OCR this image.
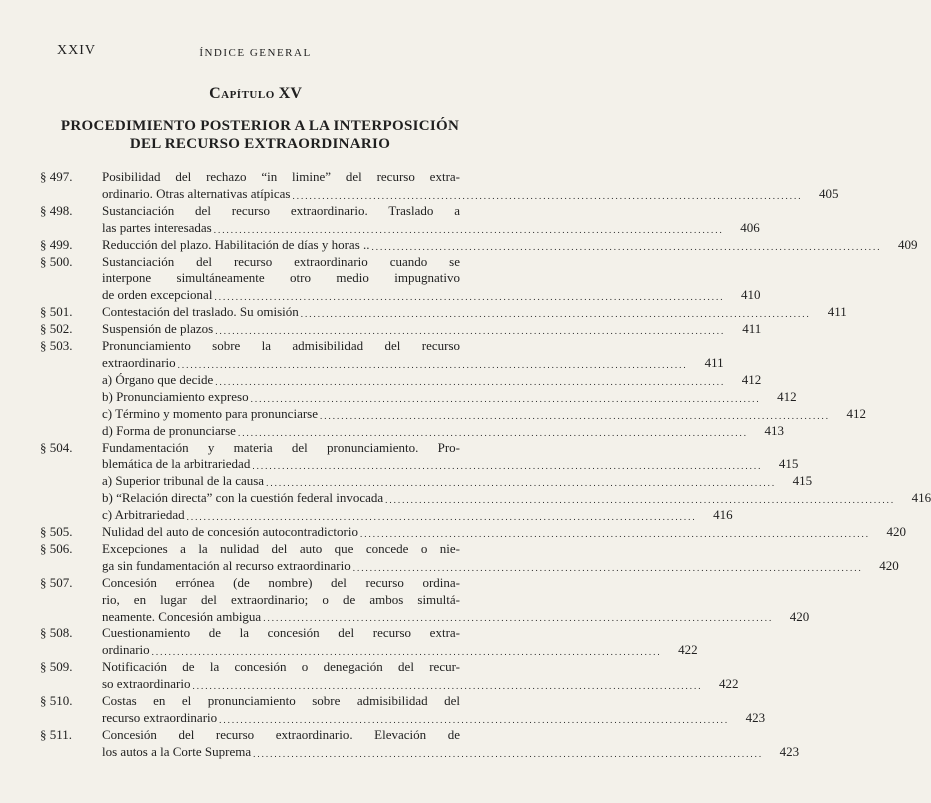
XXIV	ÍNDICE GENERAL
Capítulo XV
PROCEDIMIENTO POSTERIOR A LA INTERPOSICIÓN
DEL RECURSO EXTRAORDINARIO
§ 497.	Posibilidad del rechazo “in limine” del recurso extra-
ordinario. Otras alternativas atípicas ........................................................................................................................	405
§ 498.	Sustanciación del recurso extraordinario. Traslado a
las partes interesadas ........................................................................................................................	406
§ 499.	Reducción del plazo. Habilitación de días y horas .. ........................................................................................................................	409
§ 500.	Sustanciación del recurso extraordinario cuando se
interpone simultáneamente otro medio impugnativo
de orden excepcional ........................................................................................................................	410
§ 501.	Contestación del traslado. Su omisión ........................................................................................................................	411
§ 502.	Suspensión de plazos ........................................................................................................................	411
§ 503.	Pronunciamiento sobre la admisibilidad del recurso
extraordinario ........................................................................................................................	411
a) Órgano que decide ........................................................................................................................	412
b) Pronunciamiento expreso ........................................................................................................................	412
c) Término y momento para pronunciarse ........................................................................................................................	412
d) Forma de pronunciarse ........................................................................................................................	413
§ 504.	Fundamentación y materia del pronunciamiento. Pro-
blemática de la arbitrariedad ........................................................................................................................	415
a) Superior tribunal de la causa ........................................................................................................................	415
b) “Relación directa” con la cuestión federal invocada ........................................................................................................................	416
c) Arbitrariedad ........................................................................................................................	416
§ 505.	Nulidad del auto de concesión autocontradictorio ........................................................................................................................	420
§ 506.	Excepciones a la nulidad del auto que concede o nie-
ga sin fundamentación al recurso extraordinario ........................................................................................................................	420
§ 507.	Concesión errónea (de nombre) del recurso ordina-
rio, en lugar del extraordinario; o de ambos simultá-
neamente. Concesión ambigua ........................................................................................................................	420
§ 508.	Cuestionamiento de la concesión del recurso extra-
ordinario ........................................................................................................................	422
§ 509.	Notificación de la concesión o denegación del recur-
so extraordinario ........................................................................................................................	422
§ 510.	Costas en el pronunciamiento sobre admisibilidad del
recurso extraordinario ........................................................................................................................	423
§ 511.	Concesión del recurso extraordinario. Elevación de
los autos a la Corte Suprema ........................................................................................................................	423
